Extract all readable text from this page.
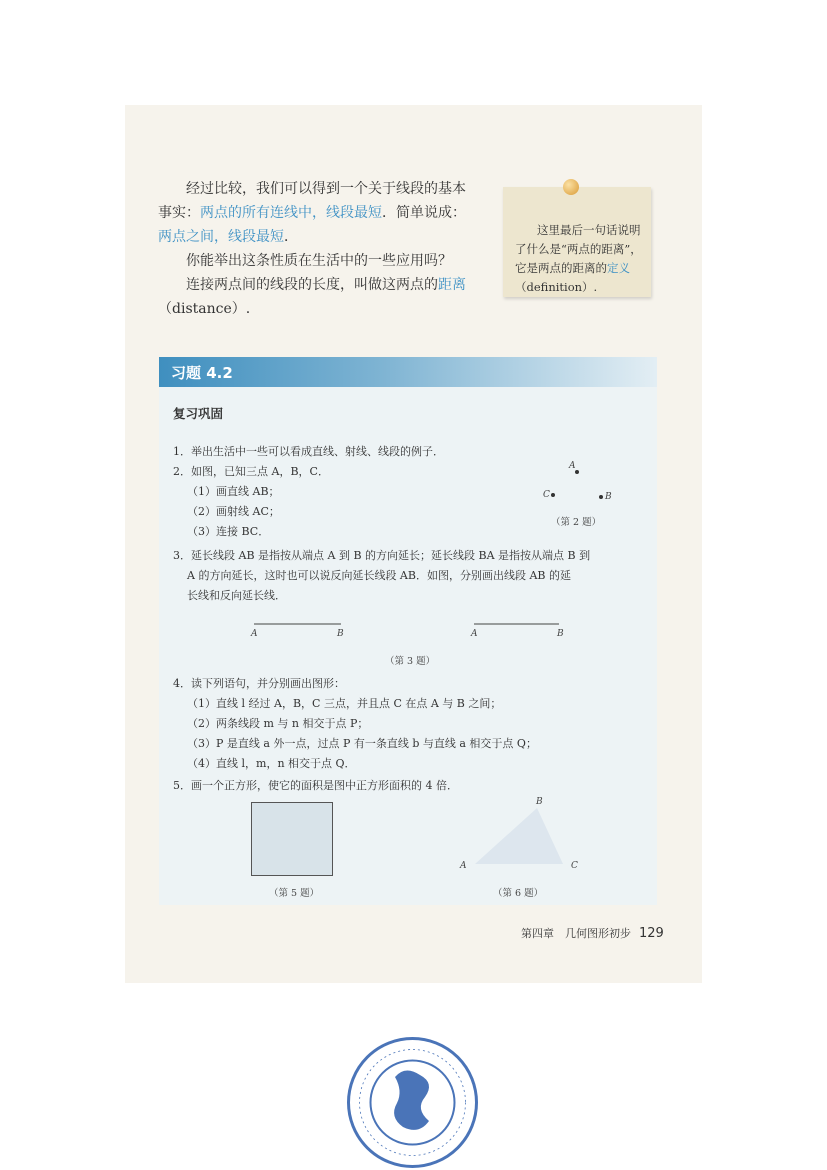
经过比较，我们可以得到一个关于线段的基本事实：两点的所有连线中，线段最短．简单说成：两点之间，线段最短．

你能举出这条性质在生活中的一些应用吗？

连接两点间的线段的长度，叫做这两点的距离（distance）.

这里最后一句话说明了什么是“两点的距离”，它是两点的距离的定义（definition）.
习题 4.2
复习巩固
1．举出生活中一些可以看成直线、射线、线段的例子．
2．如图，已知三点 A，B，C．
（1）画直线 AB；
（2）画射线 AC；
（3）连接 BC．
A
C	B
（第 2 题）
3．延长线段 AB 是指按从端点 A 到 B 的方向延长；延长线段 BA 是指按从端点 B 到
A 的方向延长，这时也可以说反向延长线段 AB．如图，分别画出线段 AB 的延
长线和反向延长线．
A	B	A	B
（第 3 题）
4．读下列语句，并分别画出图形：
（1）直线 l 经过 A，B，C 三点，并且点 C 在点 A 与 B 之间；
（2）两条线段 m 与 n 相交于点 P；
（3）P 是直线 a 外一点，过点 P 有一条直线 b 与直线 a 相交于点 Q；
（4）直线 l，m，n 相交于点 Q．
5．画一个正方形，使它的面积是图中正方形面积的 4 倍．
（第 5 题）
B
A	C
（第 6 题）
第四章　几何图形初步 129
